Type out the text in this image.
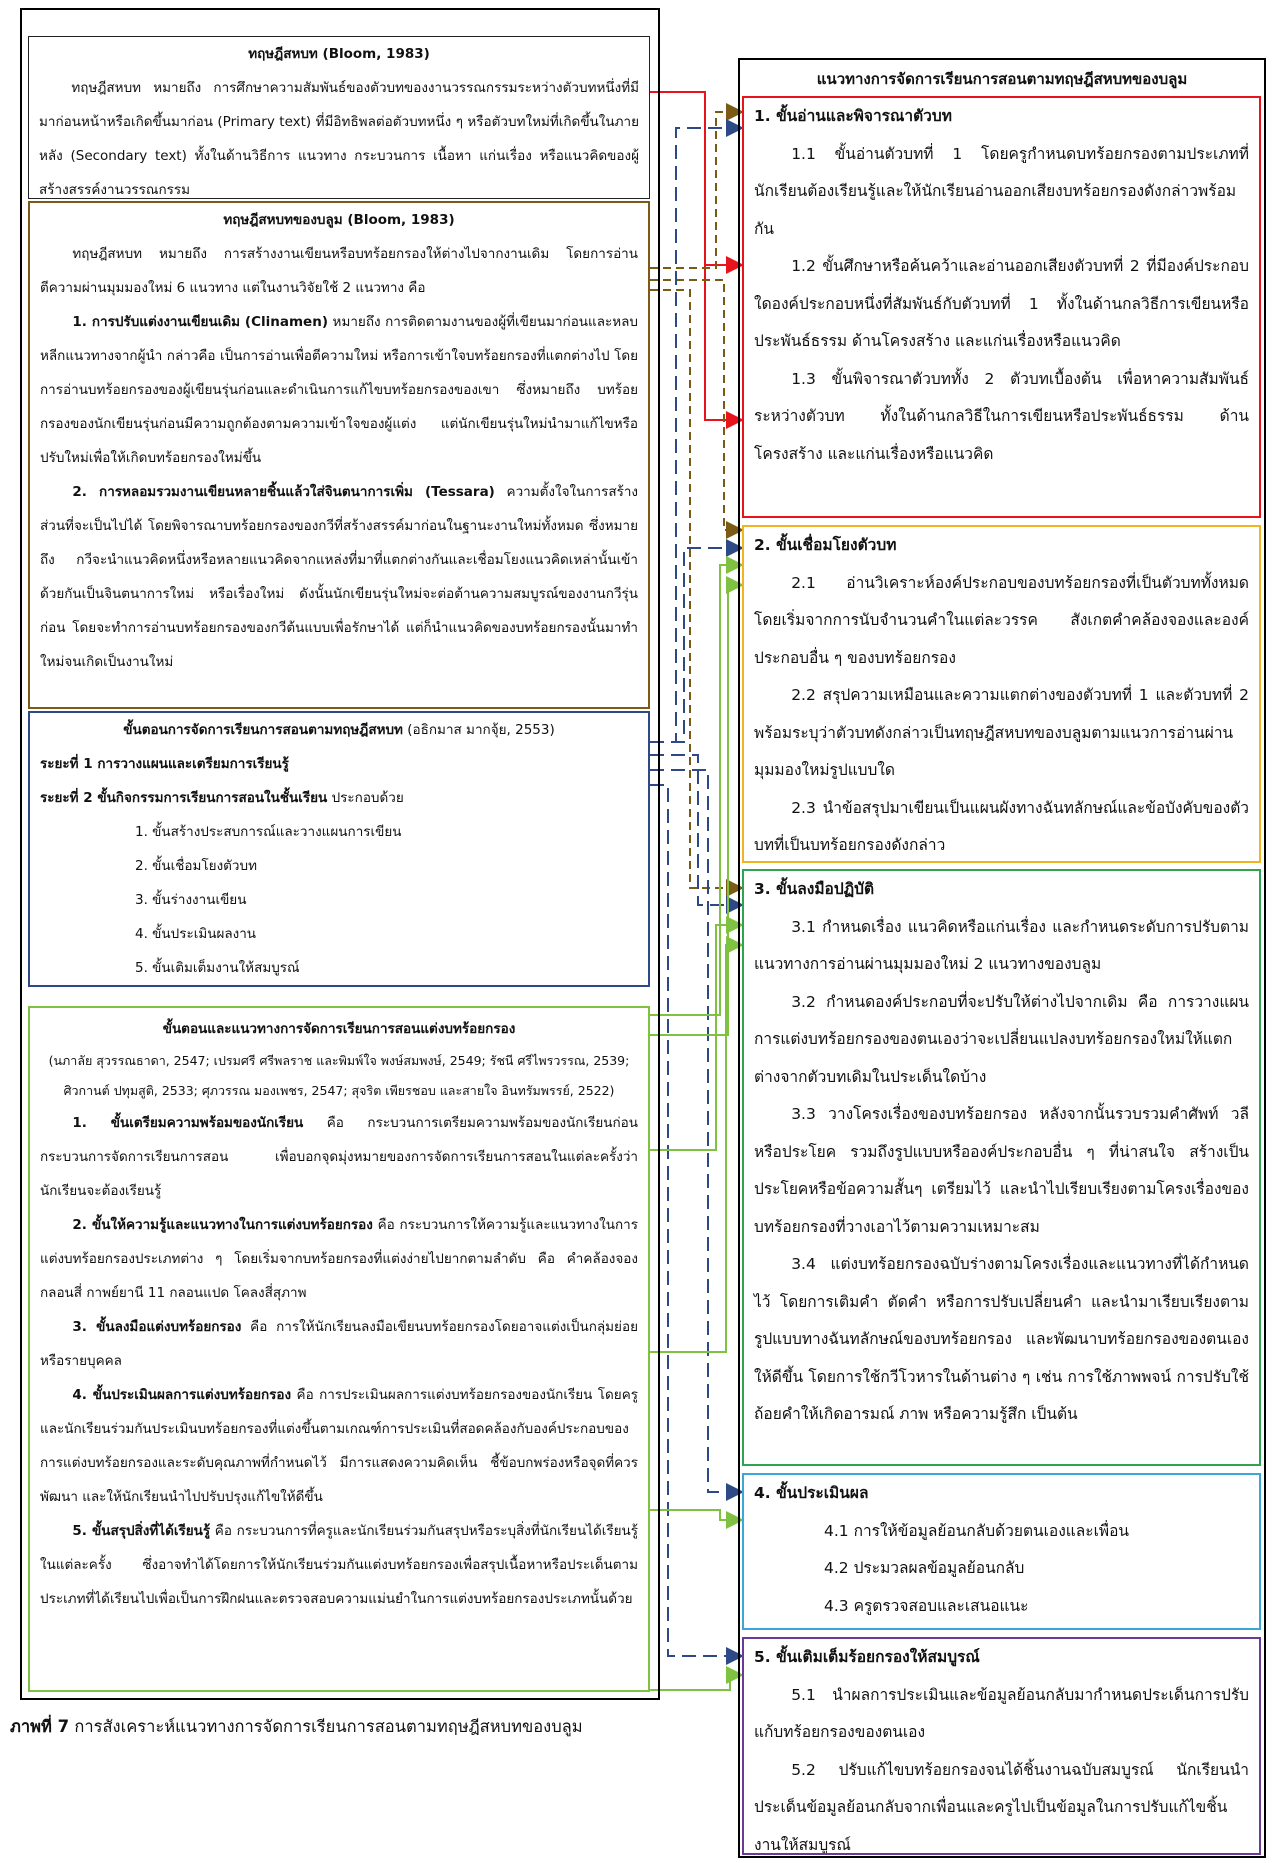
ทฤษฎีสหบท (Bloom, 1983)
ทฤษฎีสหบท หมายถึง การศึกษาความสัมพันธ์ของตัวบทของงานวรรณกรรมระหว่างตัวบทหนึ่งที่มีมาก่อนหน้าหรือเกิดขึ้นมาก่อน (Primary text) ที่มีอิทธิพลต่อตัวบทหนึ่ง ๆ หรือตัวบทใหม่ที่เกิดขึ้นในภายหลัง (Secondary text) ทั้งในด้านวิธีการ แนวทาง กระบวนการ เนื้อหา แก่นเรื่อง หรือแนวคิดของผู้สร้างสรรค์งานวรรณกรรม
ทฤษฎีสหบทของบลูม (Bloom, 1983)
ทฤษฎีสหบท หมายถึง การสร้างงานเขียนหรือบทร้อยกรองให้ต่างไปจากงานเดิม โดยการอ่านตีความผ่านมุมมองใหม่ 6 แนวทาง แต่ในงานวิจัยใช้ 2 แนวทาง คือ
1. การปรับแต่งงานเขียนเดิม (Clinamen) หมายถึง การติดตามงานของผู้ที่เขียนมาก่อนและหลบหลีกแนวทางจากผู้นำ กล่าวคือ เป็นการอ่านเพื่อตีความใหม่ หรือการเข้าใจบทร้อยกรองที่แตกต่างไป โดยการอ่านบทร้อยกรองของผู้เขียนรุ่นก่อนและดำเนินการแก้ไขบทร้อยกรองของเขา ซึ่งหมายถึง บทร้อยกรองของนักเขียนรุ่นก่อนมีความถูกต้องตามความเข้าใจของผู้แต่ง แต่นักเขียนรุ่นใหม่นำมาแก้ไขหรือปรับใหม่เพื่อให้เกิดบทร้อยกรองใหม่ขึ้น
2. การหลอมรวมงานเขียนหลายชิ้นแล้วใส่จินตนาการเพิ่ม (Tessara) ความตั้งใจในการสร้างส่วนที่จะเป็นไปได้ โดยพิจารณาบทร้อยกรองของกวีที่สร้างสรรค์มาก่อนในฐานะงานใหม่ทั้งหมด ซึ่งหมายถึง กวีจะนำแนวคิดหนึ่งหรือหลายแนวคิดจากแหล่งที่มาที่แตกต่างกันและเชื่อมโยงแนวคิดเหล่านั้นเข้าด้วยกันเป็นจินตนาการใหม่ หรือเรื่องใหม่ ดังนั้นนักเขียนรุ่นใหม่จะต่อต้านความสมบูรณ์ของงานกวีรุ่นก่อน โดยจะทำการอ่านบทร้อยกรองของกวีต้นแบบเพื่อรักษาได้ แต่ก็นำแนวคิดของบทร้อยกรองนั้นมาทำใหม่จนเกิดเป็นงานใหม่
ขั้นตอนการจัดการเรียนการสอนตามทฤษฎีสหบท (อธิกมาส มากจุ้ย, 2553)
ระยะที่ 1 การวางแผนและเตรียมการเรียนรู้
ระยะที่ 2 ขั้นกิจกรรมการเรียนการสอนในชั้นเรียน ประกอบด้วย
1. ขั้นสร้างประสบการณ์และวางแผนการเขียน
2. ขั้นเชื่อมโยงตัวบท
3. ขั้นร่างงานเขียน
4. ขั้นประเมินผลงาน
5. ขั้นเติมเต็มงานให้สมบูรณ์
ขั้นตอนและแนวทางการจัดการเรียนการสอนแต่งบทร้อยกรอง
(นภาลัย สุวรรณธาดา, 2547; เปรมศรี ศรีพลราช และพิมพ์ใจ พงษ์สมพงษ์, 2549; รัชนี ศรีไพรวรรณ, 2539; ศิวกานต์ ปทุมสูติ, 2533; ศุภวรรณ มองเพชร, 2547; สุจริต เพียรชอบ และสายใจ อินทรัมพรรย์, 2522)
1. ขั้นเตรียมความพร้อมของนักเรียน คือ กระบวนการเตรียมความพร้อมของนักเรียนก่อนกระบวนการจัดการเรียนการสอน เพื่อบอกจุดมุ่งหมายของการจัดการเรียนการสอนในแต่ละครั้งว่านักเรียนจะต้องเรียนรู้
2. ขั้นให้ความรู้และแนวทางในการแต่งบทร้อยกรอง คือ กระบวนการให้ความรู้และแนวทางในการแต่งบทร้อยกรองประเภทต่าง ๆ โดยเริ่มจากบทร้อยกรองที่แต่งง่ายไปยากตามลำดับ คือ คำคล้องจอง กลอนสี่ กาพย์ยานี 11 กลอนแปด โคลงสี่สุภาพ
3. ขั้นลงมือแต่งบทร้อยกรอง คือ การให้นักเรียนลงมือเขียนบทร้อยกรองโดยอาจแต่งเป็นกลุ่มย่อยหรือรายบุคคล
4. ขั้นประเมินผลการแต่งบทร้อยกรอง คือ การประเมินผลการแต่งบทร้อยกรองของนักเรียน โดยครูและนักเรียนร่วมกันประเมินบทร้อยกรองที่แต่งขึ้นตามเกณฑ์การประเมินที่สอดคล้องกับองค์ประกอบของการแต่งบทร้อยกรองและระดับคุณภาพที่กำหนดไว้ มีการแสดงความคิดเห็น ชี้ข้อบกพร่องหรือจุดที่ควรพัฒนา และให้นักเรียนนำไปปรับปรุงแก้ไขให้ดีขึ้น
5. ขั้นสรุปสิ่งที่ได้เรียนรู้ คือ กระบวนการที่ครูและนักเรียนร่วมกันสรุปหรือระบุสิ่งที่นักเรียนได้เรียนรู้ในแต่ละครั้ง ซึ่งอาจทำได้โดยการให้นักเรียนร่วมกันแต่งบทร้อยกรองเพื่อสรุปเนื้อหาหรือประเด็นตามประเภทที่ได้เรียนไปเพื่อเป็นการฝึกฝนและตรวจสอบความแม่นยำในการแต่งบทร้อยกรองประเภทนั้นด้วย
แนวทางการจัดการเรียนการสอนตามทฤษฎีสหบทของบลูม
1. ขั้นอ่านและพิจารณาตัวบท
1.1 ขั้นอ่านตัวบทที่ 1 โดยครูกำหนดบทร้อยกรองตามประเภทที่นักเรียนต้องเรียนรู้และให้นักเรียนอ่านออกเสียงบทร้อยกรองดังกล่าวพร้อมกัน
1.2 ขั้นศึกษาหรือค้นคว้าและอ่านออกเสียงตัวบทที่ 2 ที่มีองค์ประกอบใดองค์ประกอบหนึ่งที่สัมพันธ์กับตัวบทที่ 1 ทั้งในด้านกลวิธีการเขียนหรือประพันธ์ธรรม ด้านโครงสร้าง และแก่นเรื่องหรือแนวคิด
1.3 ขั้นพิจารณาตัวบททั้ง 2 ตัวบทเบื้องต้น เพื่อหาความสัมพันธ์ระหว่างตัวบท ทั้งในด้านกลวิธีในการเขียนหรือประพันธ์ธรรม ด้านโครงสร้าง และแก่นเรื่องหรือแนวคิด
2. ขั้นเชื่อมโยงตัวบท
2.1 อ่านวิเคราะห์องค์ประกอบของบทร้อยกรองที่เป็นตัวบททั้งหมด โดยเริ่มจากการนับจำนวนคำในแต่ละวรรค สังเกตคำคล้องจองและองค์ประกอบอื่น ๆ ของบทร้อยกรอง
2.2 สรุปความเหมือนและความแตกต่างของตัวบทที่ 1 และตัวบทที่ 2 พร้อมระบุว่าตัวบทดังกล่าวเป็นทฤษฎีสหบทของบลูมตามแนวการอ่านผ่านมุมมองใหม่รูปแบบใด
2.3 นำข้อสรุปมาเขียนเป็นแผนผังทางฉันทลักษณ์และข้อบังคับของตัวบทที่เป็นบทร้อยกรองดังกล่าว
3. ขั้นลงมือปฏิบัติ
3.1 กำหนดเรื่อง แนวคิดหรือแก่นเรื่อง และกำหนดระดับการปรับตามแนวทางการอ่านผ่านมุมมองใหม่ 2 แนวทางของบลูม
3.2 กำหนดองค์ประกอบที่จะปรับให้ต่างไปจากเดิม คือ การวางแผนการแต่งบทร้อยกรองของตนเองว่าจะเปลี่ยนแปลงบทร้อยกรองใหม่ให้แตกต่างจากตัวบทเดิมในประเด็นใดบ้าง
3.3 วางโครงเรื่องของบทร้อยกรอง หลังจากนั้นรวบรวมคำศัพท์ วลี หรือประโยค รวมถึงรูปแบบหรือองค์ประกอบอื่น ๆ ที่น่าสนใจ สร้างเป็นประโยคหรือข้อความสั้นๆ เตรียมไว้ และนำไปเรียบเรียงตามโครงเรื่องของบทร้อยกรองที่วางเอาไว้ตามความเหมาะสม
3.4 แต่งบทร้อยกรองฉบับร่างตามโครงเรื่องและแนวทางที่ได้กำหนดไว้ โดยการเติมคำ ตัดคำ หรือการปรับเปลี่ยนคำ และนำมาเรียบเรียงตามรูปแบบทางฉันทลักษณ์ของบทร้อยกรอง และพัฒนาบทร้อยกรองของตนเองให้ดีขึ้น โดยการใช้กวีโวหารในด้านต่าง ๆ เช่น การใช้ภาพพจน์ การปรับใช้ถ้อยคำให้เกิดอารมณ์ ภาพ หรือความรู้สึก เป็นต้น
4. ขั้นประเมินผล
4.1 การให้ข้อมูลย้อนกลับด้วยตนเองและเพื่อน
4.2 ประมวลผลข้อมูลย้อนกลับ
4.3 ครูตรวจสอบและเสนอแนะ
5. ขั้นเติมเต็มร้อยกรองให้สมบูรณ์
5.1 นำผลการประเมินและข้อมูลย้อนกลับมากำหนดประเด็นการปรับแก้บทร้อยกรองของตนเอง
5.2 ปรับแก้ไขบทร้อยกรองจนได้ชิ้นงานฉบับสมบูรณ์ นักเรียนนำประเด็นข้อมูลย้อนกลับจากเพื่อนและครูไปเป็นข้อมูลในการปรับแก้ไขชิ้นงานให้สมบูรณ์
ภาพที่ 7 การสังเคราะห์แนวทางการจัดการเรียนการสอนตามทฤษฎีสหบทของบลูม
